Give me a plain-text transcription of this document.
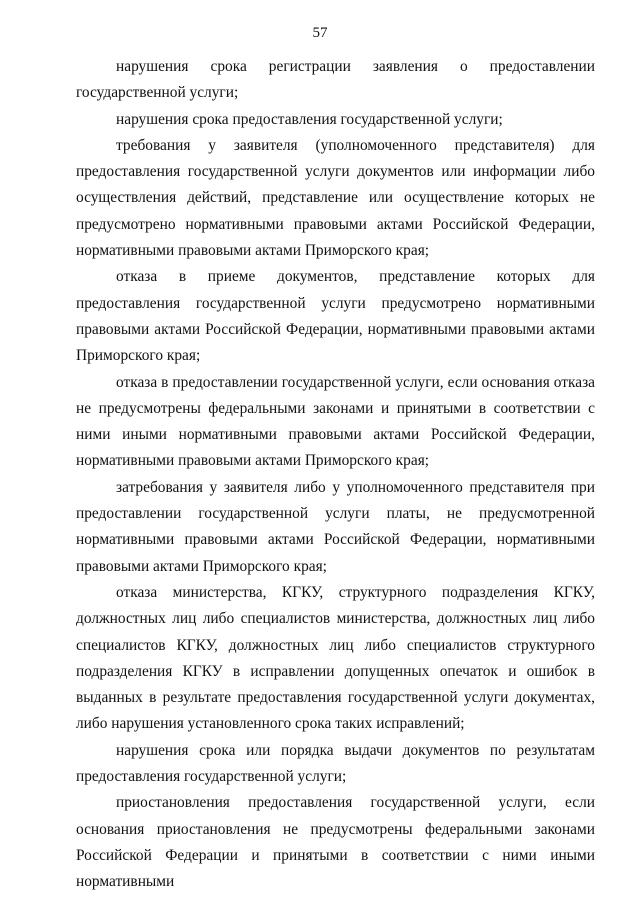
57

нарушения срока регистрации заявления о предоставлении государственной услуги;

нарушения срока предоставления государственной услуги;

требования у заявителя (уполномоченного представителя) для предоставления государственной услуги документов или информации либо осуществления действий, представление или осуществление которых не предусмотрено нормативными правовыми актами Российской Федерации, нормативными правовыми актами Приморского края;

отказа в приеме документов, представление которых для предоставления государственной услуги предусмотрено нормативными правовыми актами Российской Федерации, нормативными правовыми актами Приморского края;

отказа в предоставлении государственной услуги, если основания отказа не предусмотрены федеральными законами и принятыми в соответствии с ними иными нормативными правовыми актами Российской Федерации, нормативными правовыми актами Приморского края;

затребования у заявителя либо у уполномоченного представителя при предоставлении государственной услуги платы, не предусмотренной нормативными правовыми актами Российской Федерации, нормативными правовыми актами Приморского края;

отказа министерства, КГКУ, структурного подразделения КГКУ, должностных лиц либо специалистов министерства, должностных лиц либо специалистов КГКУ, должностных лиц либо специалистов структурного подразделения КГКУ в исправлении допущенных опечаток и ошибок в выданных в результате предоставления государственной услуги документах, либо нарушения установленного срока таких исправлений;

нарушения срока или порядка выдачи документов по результатам предоставления государственной услуги;

приостановления предоставления государственной услуги, если основания приостановления не предусмотрены федеральными законами Российской Федерации и принятыми в соответствии с ними иными нормативными
